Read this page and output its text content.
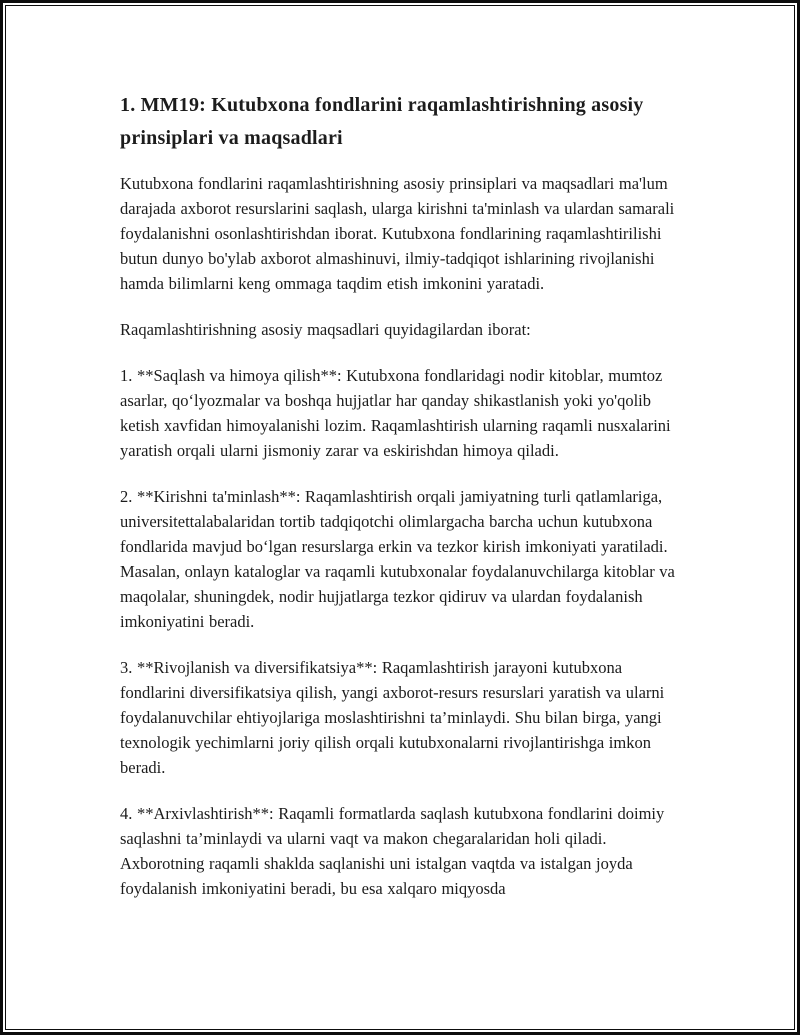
1. MM19: Kutubxona fondlarini raqamlashtirishning asosiy prinsiplari va maqsadlari

Kutubxona fondlarini raqamlashtirishning asosiy prinsiplari va maqsadlari ma'lum darajada axborot resurslarini saqlash, ularga kirishni ta'minlash va ulardan samarali foydalanishni osonlashtirishdan iborat. Kutubxona fondlarining raqamlashtirilishi butun dunyo bo'ylab axborot almashinuvi, ilmiy-tadqiqot ishlarining rivojlanishi hamda bilimlarni keng ommaga taqdim etish imkonini yaratadi.

Raqamlashtirishning asosiy maqsadlari quyidagilardan iborat:

1. **Saqlash va himoya qilish**: Kutubxona fondlaridagi nodir kitoblar, mumtoz asarlar, qoʻlyozmalar va boshqa hujjatlar har qanday shikastlanish yoki yo'qolib ketish xavfidan himoyalanishi lozim. Raqamlashtirish ularning raqamli nusxalarini yaratish orqali ularni jismoniy zarar va eskirishdan himoya qiladi.

2. **Kirishni ta'minlash**: Raqamlashtirish orqali jamiyatning turli qatlamlariga, universitettalabalaridan tortib tadqiqotchi olimlargacha barcha uchun kutubxona fondlarida mavjud boʻlgan resurslarga erkin va tezkor kirish imkoniyati yaratiladi. Masalan, onlayn kataloglar va raqamli kutubxonalar foydalanuvchilarga kitoblar va maqolalar, shuningdek, nodir hujjatlarga tezkor qidiruv va ulardan foydalanish imkoniyatini beradi.

3. **Rivojlanish va diversifikatsiya**: Raqamlashtirish jarayoni kutubxona fondlarini diversifikatsiya qilish, yangi axborot-resurs resurslari yaratish va ularni foydalanuvchilar ehtiyojlariga moslashtirishni ta’minlaydi. Shu bilan birga, yangi texnologik yechimlarni joriy qilish orqali kutubxonalarni rivojlantirishga imkon beradi.

4. **Arxivlashtirish**: Raqamli formatlarda saqlash kutubxona fondlarini doimiy saqlashni ta’minlaydi va ularni vaqt va makon chegaralaridan holi qiladi. Axborotning raqamli shaklda saqlanishi uni istalgan vaqtda va istalgan joyda foydalanish imkoniyatini beradi, bu esa xalqaro miqyosda
